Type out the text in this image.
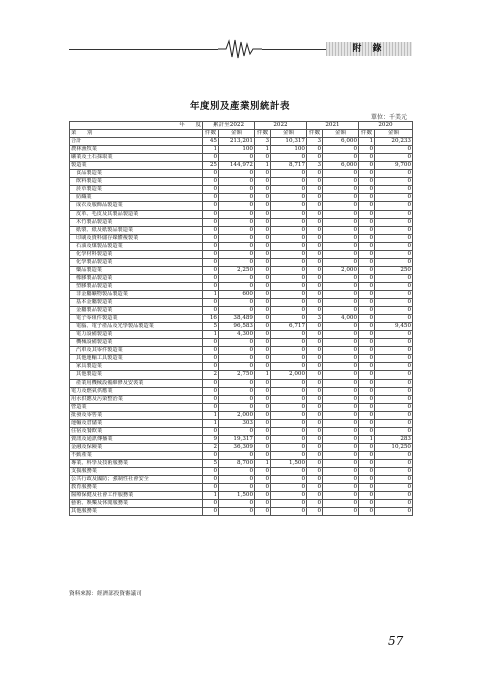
附 錄
年度別及產業別統計表
單位：千美元
年　　度	累計至2022		2022		2021		2020	
業　　別	件數	金額	件數	金額	件數	金額	件數	金額
合計	45	213,201	3	10,317	3	6,000	1	20,233
農林漁牧業	1	100	1	100	0	0	0	0
礦業及土石採取業	0	0	0	0	0	0	0	0
製造業	25	144,972	1	8,717	3	6,000	0	9,700
食品製造業	0	0	0	0	0	0	0	0
飲料製造業	0	0	0	0	0	0	0	0
菸草製造業	0	0	0	0	0	0	0	0
紡織業	0	0	0	0	0	0	0	0
成衣及服飾品製造業	0	0	0	0	0	0	0	0
皮革、毛皮及其製品製造業	0	0	0	0	0	0	0	0
木竹製品製造業	0	0	0	0	0	0	0	0
紙漿、紙及紙製品製造業	0	0	0	0	0	0	0	0
印刷及資料儲存媒體複製業	0	0	0	0	0	0	0	0
石油及煤製品製造業	0	0	0	0	0	0	0	0
化學材料製造業	0	0	0	0	0	0	0	0
化學製品製造業	0	0	0	0	0	0	0	0
藥品製造業	0	2,250	0	0	0	2,000	0	250
橡膠製品製造業	0	0	0	0	0	0	0	0
塑膠製品製造業	0	0	0	0	0	0	0	0
非金屬礦物製品製造業	1	600	0	0	0	0	0	0
基本金屬製造業	0	0	0	0	0	0	0	0
金屬製品製造業	0	0	0	0	0	0	0	0
電子零組件製造業	16	38,489	0	0	3	4,000	0	0
電腦、電子產品及光學製品製造業	5	96,583	0	6,717	0	0	0	9,450
電力設備製造業	1	4,300	0	0	0	0	0	0
機械設備製造業	0	0	0	0	0	0	0	0
汽車及其零件製造業	0	0	0	0	0	0	0	0
其他運輸工具製造業	0	0	0	0	0	0	0	0
家具製造業	0	0	0	0	0	0	0	0
其他製造業	2	2,750	1	2,000	0	0	0	0
產業用機械設備維修及安裝業	0	0	0	0	0	0	0	0
電力及燃氣供應業	0	0	0	0	0	0	0	0
用水供應及污染整治業	0	0	0	0	0	0	0	0
營造業	0	0	0	0	0	0	0	0
批發及零售業	1	2,000	0	0	0	0	0	0
運輸及倉儲業	1	303	0	0	0	0	0	0
住宿及餐飲業	0	0	0	0	0	0	0	0
資訊及通訊傳播業	9	19,317	0	0	0	0	1	283
金融及保險業	2	36,309	0	0	0	0	0	10,250
不動產業	0	0	0	0	0	0	0	0
專業、科學及技術服務業	5	8,700	1	1,500	0	0	0	0
支援服務業	0	0	0	0	0	0	0	0
公共行政及國防；強制性社會安全	0	0	0	0	0	0	0	0
教育服務業	0	0	0	0	0	0	0	0
醫療保健及社會工作服務業	1	1,500	0	0	0	0	0	0
藝術、娛樂及休閒服務業	0	0	0	0	0	0	0	0
其他服務業	0	0	0	0	0	0	0	0
資料來源：經濟部投資審議司
57
